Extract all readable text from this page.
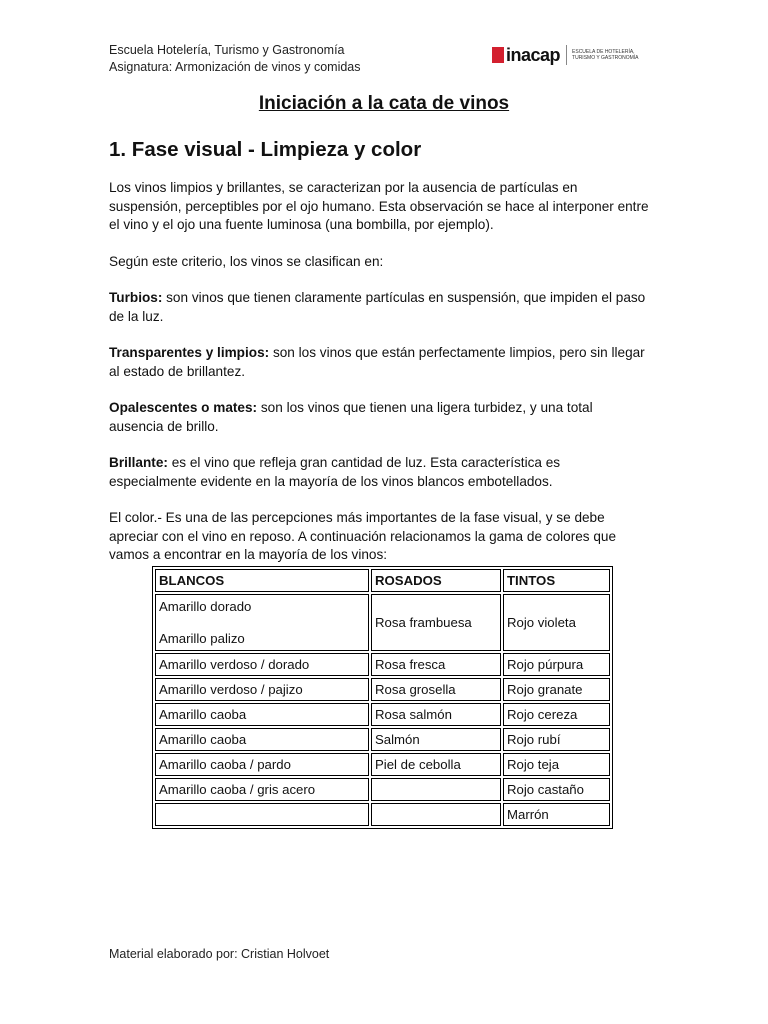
Escuela Hotelería, Turismo y Gastronomía
Asignatura: Armonización de vinos y comidas
inacap ESCUELA DE HOTELERÍA, TURISMO Y GASTRONOMÍA
Iniciación a la cata de vinos
1. Fase visual - Limpieza y color

Los vinos limpios y brillantes, se caracterizan por la ausencia de partículas en suspensión, perceptibles por el ojo humano. Esta observación se hace al interponer entre el vino y el ojo una fuente luminosa (una bombilla, por ejemplo).

Según este criterio, los vinos se clasifican en:

Turbios: son vinos que tienen claramente partículas en suspensión, que impiden el paso de la luz.

Transparentes y limpios: son los vinos que están perfectamente limpios, pero sin llegar al estado de brillantez.

Opalescentes o mates: son los vinos que tienen una ligera turbidez, y una total ausencia de brillo.

Brillante: es el vino que refleja gran cantidad de luz. Esta característica es especialmente evidente en la mayoría de los vinos blancos embotellados.

El color.- Es una de las percepciones más importantes de la fase visual, y se debe apreciar con el vino en reposo. A continuación relacionamos la gama de colores que vamos a encontrar en la mayoría de los vinos:

BLANCOS	ROSADOS	TINTOS

Amarillo dorado
Amarillo palizo	Rosa frambuesa	Rojo violeta
Amarillo verdoso / dorado	Rosa fresca	Rojo púrpura
Amarillo verdoso / pajizo	Rosa grosella	Rojo granate
Amarillo caoba	Rosa salmón	Rojo cereza
Amarillo caoba	Salmón	Rojo rubí
Amarillo caoba / pardo	Piel de cebolla	Rojo teja
Amarillo caoba / gris acero		Rojo castaño
		Marrón
Material elaborado por: Cristian Holvoet
